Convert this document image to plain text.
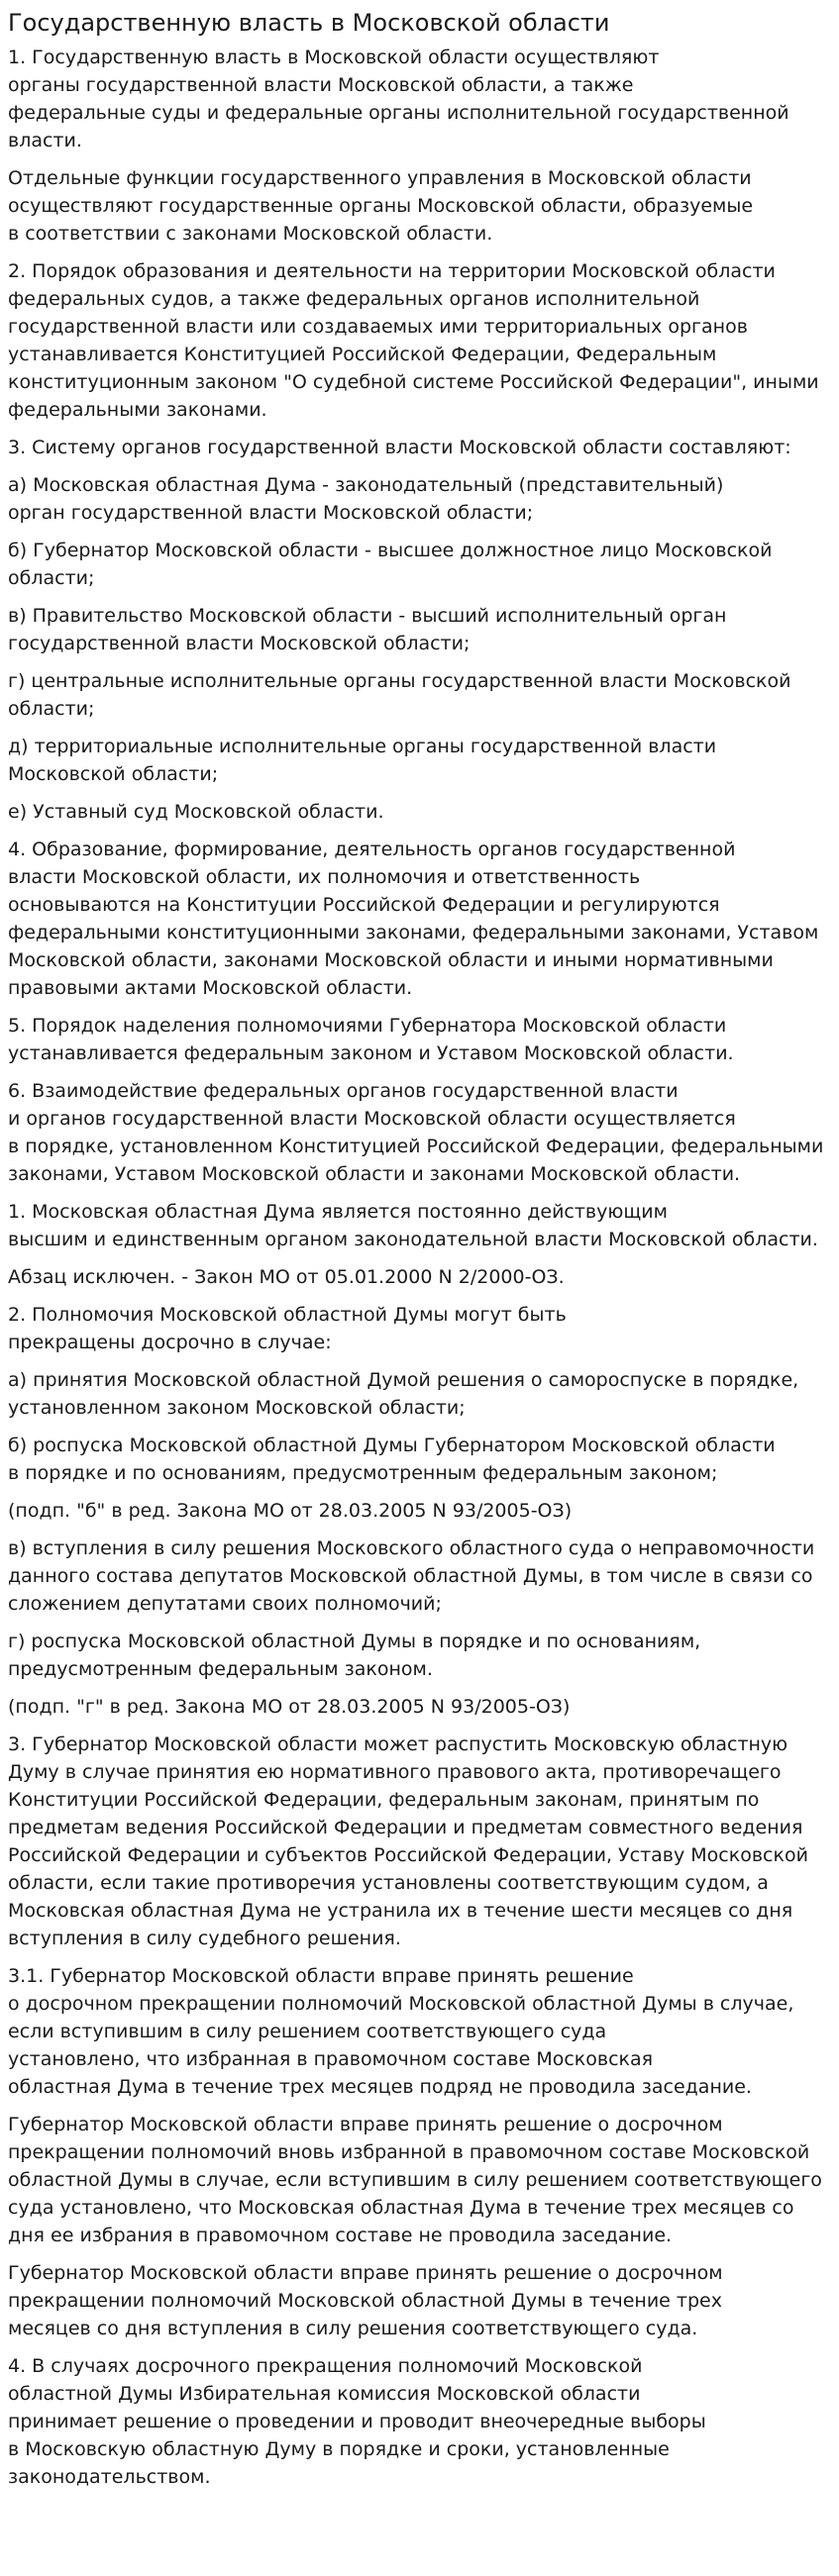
Государственную власть в Московской области

1. Государственную власть в Московской области осуществляют
органы государственной власти Московской области, а также
федеральные суды и федеральные органы исполнительной государственной
власти.

Отдельные функции государственного управления в Московской области
осуществляют государственные органы Московской области, образуемые
в соответствии с законами Московской области.

2. Порядок образования и деятельности на территории Московской области
федеральных судов, а также федеральных органов исполнительной
государственной власти или создаваемых ими территориальных органов
устанавливается Конституцией Российской Федерации, Федеральным
конституционным законом "О судебной системе Российской Федерации", иными
федеральными законами.

3. Систему органов государственной власти Московской области составляют:

а) Московская областная Дума - законодательный (представительный)
орган государственной власти Московской области;

б) Губернатор Московской области - высшее должностное лицо Московской
области;

в) Правительство Московской области - высший исполнительный орган
государственной власти Московской области;

г) центральные исполнительные органы государственной власти Московской
области;

д) территориальные исполнительные органы государственной власти
Московской области;

е) Уставный суд Московской области.

4. Образование, формирование, деятельность органов государственной
власти Московской области, их полномочия и ответственность
основываются на Конституции Российской Федерации и регулируются
федеральными конституционными законами, федеральными законами, Уставом
Московской области, законами Московской области и иными нормативными
правовыми актами Московской области.

5. Порядок наделения полномочиями Губернатора Московской области
устанавливается федеральным законом и Уставом Московской области.

6. Взаимодействие федеральных органов государственной власти
и органов государственной власти Московской области осуществляется
в порядке, установленном Конституцией Российской Федерации, федеральными
законами, Уставом Московской области и законами Московской области.

1. Московская областная Дума является постоянно действующим
высшим и единственным органом законодательной власти Московской области.

Абзац исключен. - Закон МО от 05.01.2000 N 2/2000-ОЗ.

2. Полномочия Московской областной Думы могут быть
прекращены досрочно в случае:

а) принятия Московской областной Думой решения о самороспуске в порядке,
установленном законом Московской области;

б) роспуска Московской областной Думы Губернатором Московской области
в порядке и по основаниям, предусмотренным федеральным законом;

(подп. "б" в ред. Закона МО от 28.03.2005 N 93/2005-ОЗ)

в) вступления в силу решения Московского областного суда о неправомочности
данного состава депутатов Московской областной Думы, в том числе в связи со
сложением депутатами своих полномочий;

г) роспуска Московской областной Думы в порядке и по основаниям,
предусмотренным федеральным законом.

(подп. "г" в ред. Закона МО от 28.03.2005 N 93/2005-ОЗ)

3. Губернатор Московской области может распустить Московскую областную
Думу в случае принятия ею нормативного правового акта, противоречащего
Конституции Российской Федерации, федеральным законам, принятым по
предметам ведения Российской Федерации и предметам совместного ведения
Российской Федерации и субъектов Российской Федерации, Уставу Московской
области, если такие противоречия установлены соответствующим судом, а
Московская областная Дума не устранила их в течение шести месяцев со дня
вступления в силу судебного решения.

3.1. Губернатор Московской области вправе принять решение
о досрочном прекращении полномочий Московской областной Думы в случае,
если вступившим в силу решением соответствующего суда
установлено, что избранная в правомочном составе Московская
областная Дума в течение трех месяцев подряд не проводила заседание.

Губернатор Московской области вправе принять решение о досрочном
прекращении полномочий вновь избранной в правомочном составе Московской
областной Думы в случае, если вступившим в силу решением соответствующего
суда установлено, что Московская областная Дума в течение трех месяцев со
дня ее избрания в правомочном составе не проводила заседание.

Губернатор Московской области вправе принять решение о досрочном
прекращении полномочий Московской областной Думы в течение трех
месяцев со дня вступления в силу решения соответствующего суда.

4. В случаях досрочного прекращения полномочий Московской
областной Думы Избирательная комиссия Московской области
принимает решение о проведении и проводит внеочередные выборы
в Московскую областную Думу в порядке и сроки, установленные
законодательством.
